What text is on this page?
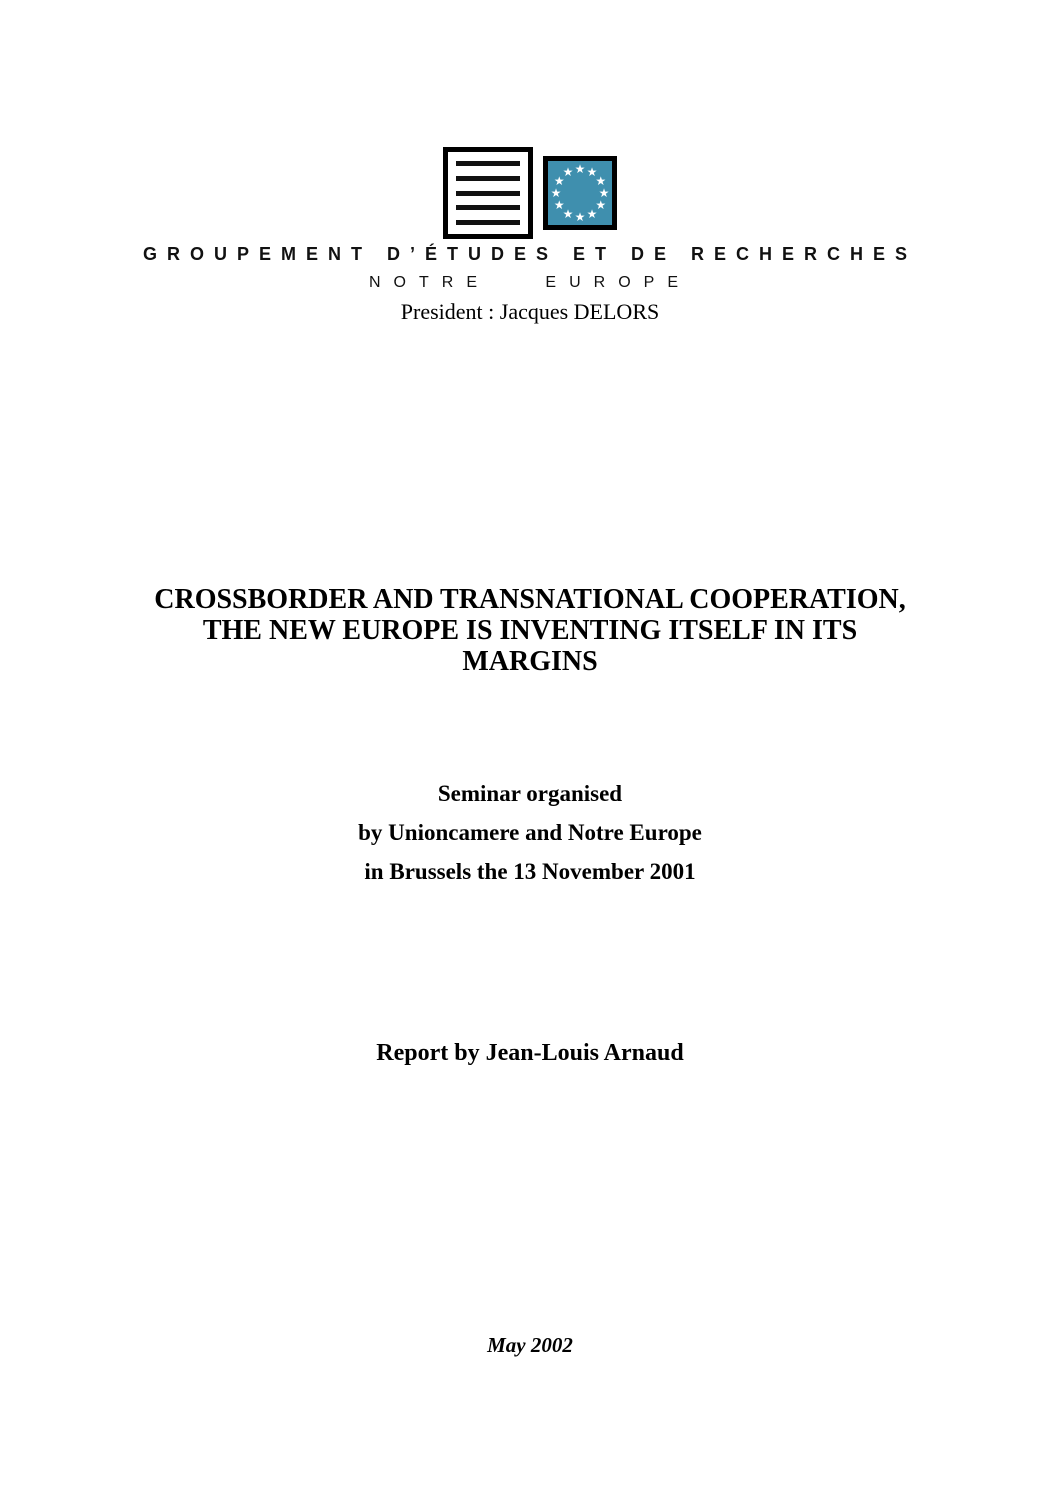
★ ★
★
★
★
★
★
★
★
★
★
★
GROUPEMENT D’ÉTUDES ET DE RECHERCHES
NOTRE EUROPE
President : Jacques DELORS
CROSSBORDER AND TRANSNATIONAL COOPERATION,
THE NEW EUROPE IS INVENTING ITSELF IN ITS
MARGINS
Seminar organised
by Unioncamere and Notre Europe
in Brussels the 13 November 2001
Report by Jean-Louis Arnaud
May 2002
